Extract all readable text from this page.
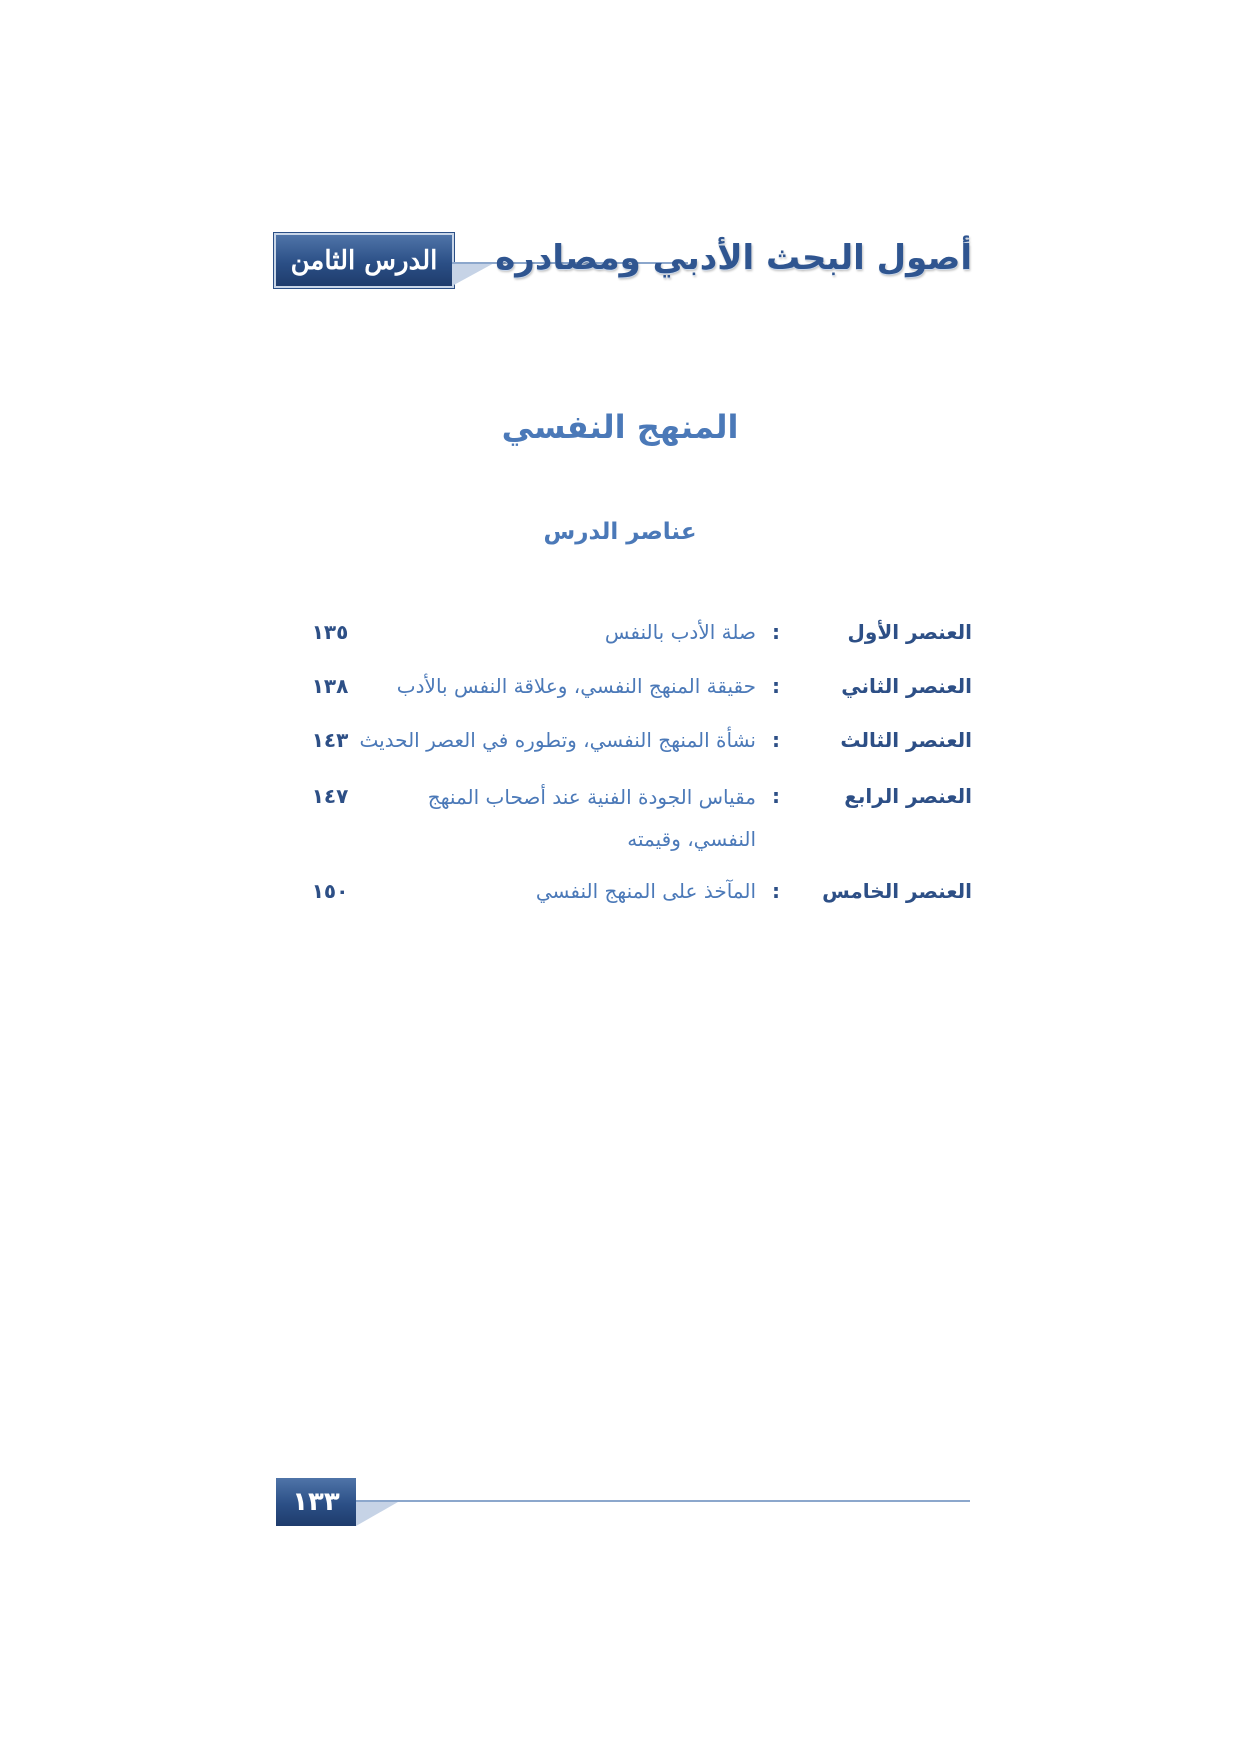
الدرس الثامن	أصول البحث الأدبي ومصادره
المنهج النفسي
عناصر الدرس
العنصر الأول
:
صلة الأدب بالنفس
١٣٥
العنصر الثاني
:
حقيقة المنهج النفسي، وعلاقة النفس بالأدب
١٣٨
العنصر الثالث
:
نشأة المنهج النفسي، وتطوره في العصر الحديث
١٤٣
العنصر الرابع
:
مقياس الجودة الفنية عند أصحاب المنهج النفسي، وقيمته
١٤٧
العنصر الخامس
:
المآخذ على المنهج النفسي
١٥٠
١٣٣
